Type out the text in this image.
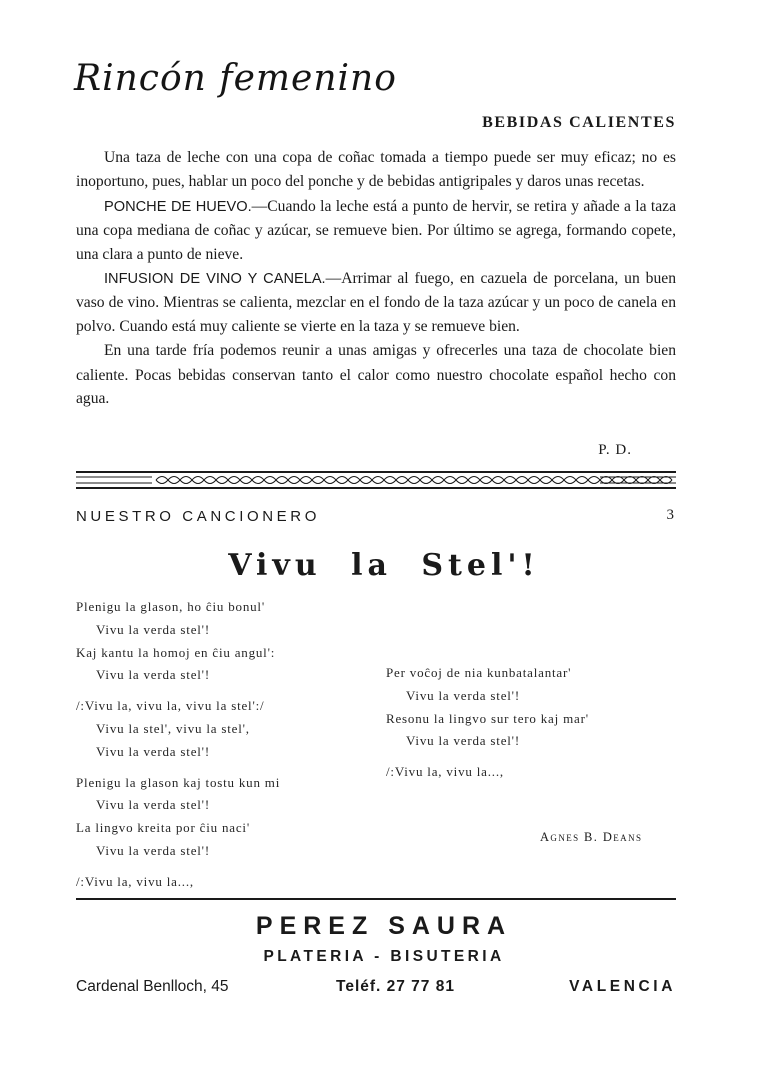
Rincón femenino
BEBIDAS CALIENTES

Una taza de leche con una copa de coñac tomada a tiempo puede ser muy eficaz; no es inoportuno, pues, hablar un poco del ponche y de bebidas antigripales y daros unas recetas.

PONCHE DE HUEVO.—Cuando la leche está a punto de hervir, se retira y añade a la taza una copa mediana de coñac y azúcar, se remueve bien. Por último se agrega, formando copete, una clara a punto de nieve.

INFUSION DE VINO Y CANELA.—Arrimar al fuego, en cazuela de porcelana, un buen vaso de vino. Mientras se calienta, mezclar en el fondo de la taza azúcar y un poco de canela en polvo. Cuando está muy caliente se vierte en la taza y se remueve bien.

En una tarde fría podemos reunir a unas amigas y ofrecerles una taza de chocolate bien caliente. Pocas bebidas conservan tanto el calor como nuestro chocolate español hecho con agua.

P. D.
NUESTRO CANCIONERO	3
Vivu la Stel'!
Plenigu la glason, ho ĉiu bonul'
Vivu la verda stel'!
Kaj kantu la homoj en ĉiu angul':
Vivu la verda stel'!
/:Vivu la, vivu la, vivu la stel':/
Vivu la stel', vivu la stel',
Vivu la verda stel'!
Plenigu la glason kaj tostu kun mi
Vivu la verda stel'!
La lingvo kreita por ĉiu naci'
Vivu la verda stel'!
/:Vivu la, vivu la...,
Per voĉoj de nia kunbatalantar'
Vivu la verda stel'!
Resonu la lingvo sur tero kaj mar'
Vivu la verda stel'!
/:Vivu la, vivu la...,
Agnes B. Deans
PEREZ SAURA
PLATERIA - BISUTERIA
Cardenal Benlloch, 45	Teléf. 27 77 81	VALENCIA
